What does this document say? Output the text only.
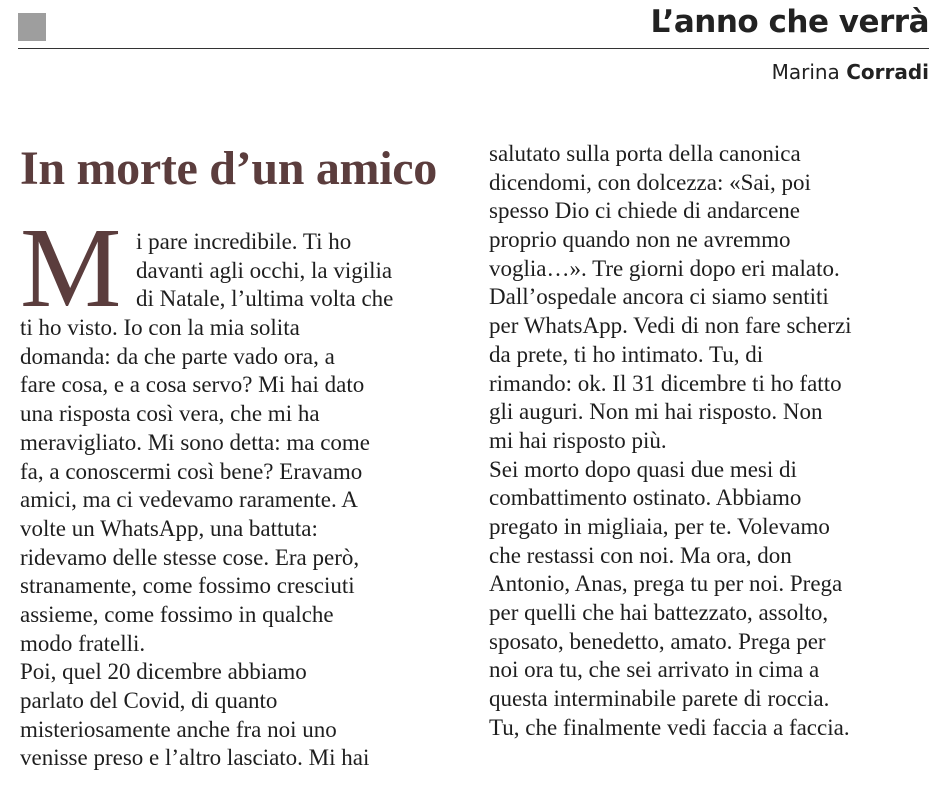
L’anno che verrà
Marina Corradi
In morte d’un amico
M i pare incredibile. Ti ho
davanti agli occhi, la vigilia
di Natale, l’ultima volta che
ti ho visto. Io con la mia solita
domanda: da che parte vado ora, a
fare cosa, e a cosa servo? Mi hai dato
una risposta così vera, che mi ha
meravigliato. Mi sono detta: ma come
fa, a conoscermi così bene? Eravamo
amici, ma ci vedevamo raramente. A
volte un WhatsApp, una battuta:
ridevamo delle stesse cose. Era però,
stranamente, come fossimo cresciuti
assieme, come fossimo in qualche
modo fratelli.
Poi, quel 20 dicembre abbiamo
parlato del Covid, di quanto
misteriosamente anche fra noi uno
venisse preso e l’altro lasciato. Mi hai
salutato sulla porta della canonica
dicendomi, con dolcezza: «Sai, poi
spesso Dio ci chiede di andarcene
proprio quando non ne avremmo
voglia…». Tre giorni dopo eri malato.
Dall’ospedale ancora ci siamo sentiti
per WhatsApp. Vedi di non fare scherzi
da prete, ti ho intimato. Tu, di
rimando: ok. Il 31 dicembre ti ho fatto
gli auguri. Non mi hai risposto. Non
mi hai risposto più.
Sei morto dopo quasi due mesi di
combattimento ostinato. Abbiamo
pregato in migliaia, per te. Volevamo
che restassi con noi. Ma ora, don
Antonio, Anas, prega tu per noi. Prega
per quelli che hai battezzato, assolto,
sposato, benedetto, amato. Prega per
noi ora tu, che sei arrivato in cima a
questa interminabile parete di roccia.
Tu, che finalmente vedi faccia a faccia.
